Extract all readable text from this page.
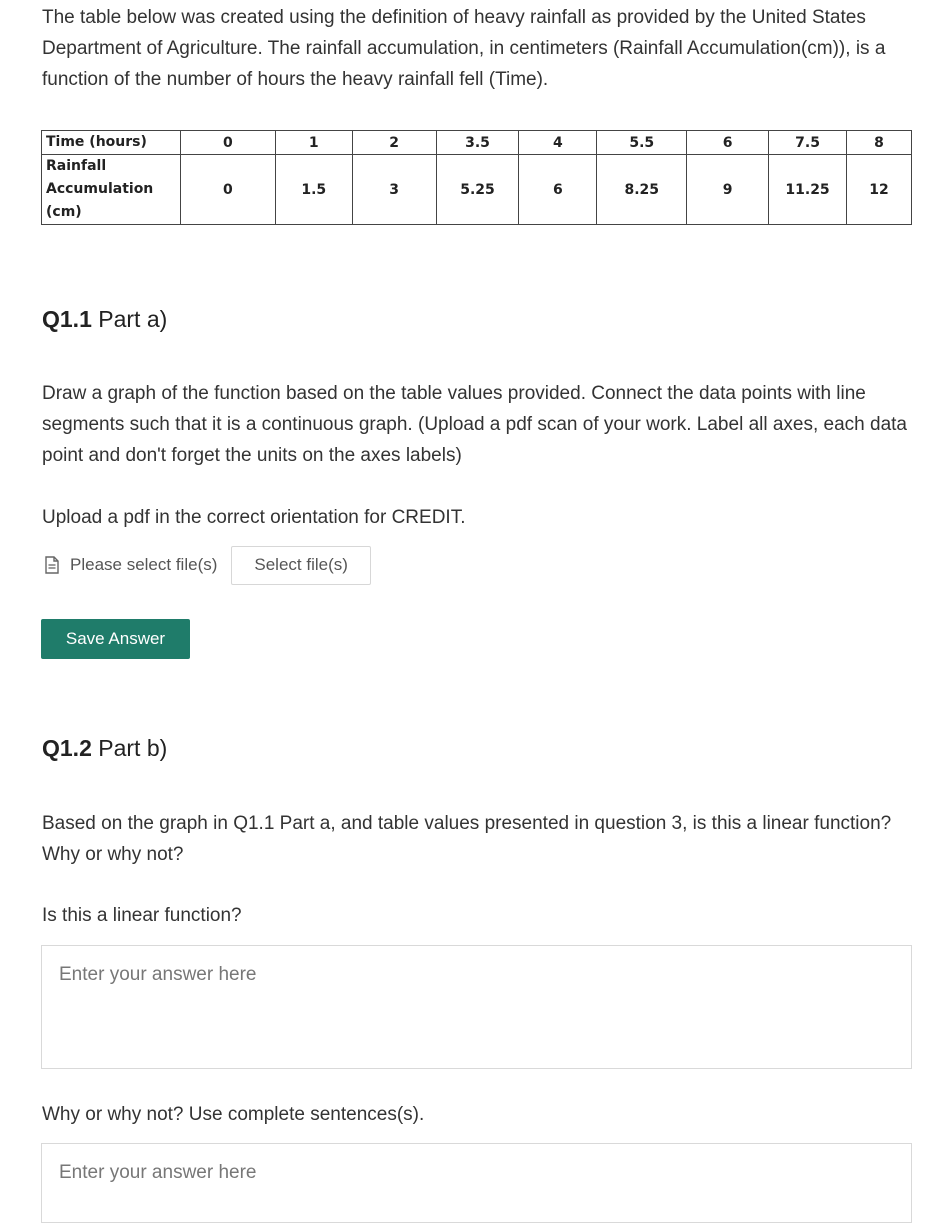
The table below was created using the definition of heavy rainfall as provided by the United States Department of Agriculture. The rainfall accumulation, in centimeters (Rainfall Accumulation(cm)), is a function of the number of hours the heavy rainfall fell (Time).

Time (hours)	0	1	2	3.5	4	5.5	6	7.5	8
Rainfall
Accumulation
(cm)	0	1.5	3	5.25	6	8.25	9	11.25	12
Q1.1 Part a)

Draw a graph of the function based on the table values provided. Connect the data points with line segments such that it is a continuous graph. (Upload a pdf scan of your work. Label all axes, each data point and don't forget the units on the axes labels)

Upload a pdf in the correct orientation for CREDIT.

Please select file(s)	Select file(s)
Save Answer
Q1.2 Part b)

Based on the graph in Q1.1 Part a, and table values presented in question 3, is this a linear function? Why or why not?

Is this a linear function?

Enter your answer here

Why or why not? Use complete sentences(s).

Enter your answer here
